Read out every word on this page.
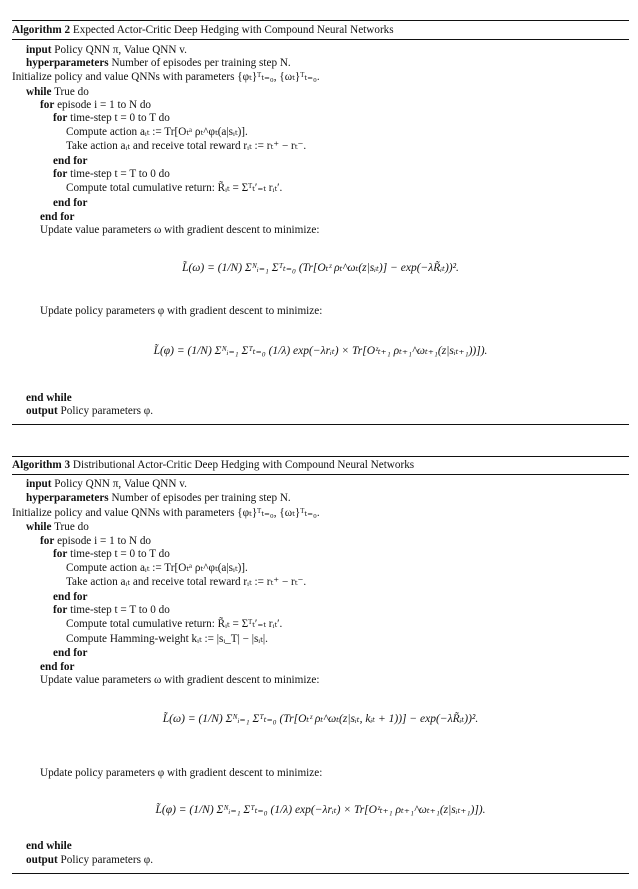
Algorithm 2 Expected Actor-Critic Deep Hedging with Compound Neural Networks
input Policy QNN π, Value QNN v.
hyperparameters Number of episodes per training step N.
Initialize policy and value QNNs with parameters {φₜ}ᵀₜ₌₀, {ωₜ}ᵀₜ₌₀.
while True do
for episode i = 1 to N do
for time-step t = 0 to T do
Compute action aᵢₜ := Tr[Oₜᵃ ρₜ^φₜ(a|sᵢₜ)].
Take action aᵢₜ and receive total reward rᵢₜ := rₜ⁺ − rₜ⁻.
end for
for time-step t = T to 0 do
Compute total cumulative return: R̃ᵢₜ = Σᵀₜ′₌ₜ rᵢₜ′.
end for
end for
Update value parameters ω with gradient descent to minimize:
L̃(ω) = (1/N) Σᴺᵢ₌₁ Σᵀₜ₌₀ (Tr[Oₜᶻ ρₜ^ωₜ(z|sᵢₜ)] − exp(−λR̃ᵢₜ))².
Update policy parameters φ with gradient descent to minimize:
L̃(φ) = (1/N) Σᴺᵢ₌₁ Σᵀₜ₌₀ (1/λ) exp(−λrᵢₜ) × Tr[Oᶻₜ₊₁ ρₜ₊₁^ωₜ₊₁(z|sᵢₜ₊₁))]).
end while
output Policy parameters φ.
Algorithm 3 Distributional Actor-Critic Deep Hedging with Compound Neural Networks
input Policy QNN π, Value QNN v.
hyperparameters Number of episodes per training step N.
Initialize policy and value QNNs with parameters {φₜ}ᵀₜ₌₀, {ωₜ}ᵀₜ₌₀.
while True do
for episode i = 1 to N do
for time-step t = 0 to T do
Compute action aᵢₜ := Tr[Oₜᵃ ρₜ^φₜ(a|sᵢₜ)].
Take action aᵢₜ and receive total reward rᵢₜ := rₜ⁺ − rₜ⁻.
end for
for time-step t = T to 0 do
Compute total cumulative return: R̃ᵢₜ = Σᵀₜ′₌ₜ rᵢₜ′.
Compute Hamming-weight kᵢₜ := |sᵢ_T| − |sᵢₜ|.
end for
end for
Update value parameters ω with gradient descent to minimize:
L̃(ω) = (1/N) Σᴺᵢ₌₁ Σᵀₜ₌₀ (Tr[Oₜᶻ ρₜ^ωₜ(z|sᵢₜ, kᵢₜ + 1))] − exp(−λR̃ᵢₜ))².
Update policy parameters φ with gradient descent to minimize:
L̃(φ) = (1/N) Σᴺᵢ₌₁ Σᵀₜ₌₀ (1/λ) exp(−λrᵢₜ) × Tr[Oᶻₜ₊₁ ρₜ₊₁^ωₜ₊₁(z|sᵢₜ₊₁)]).
end while
output Policy parameters φ.
